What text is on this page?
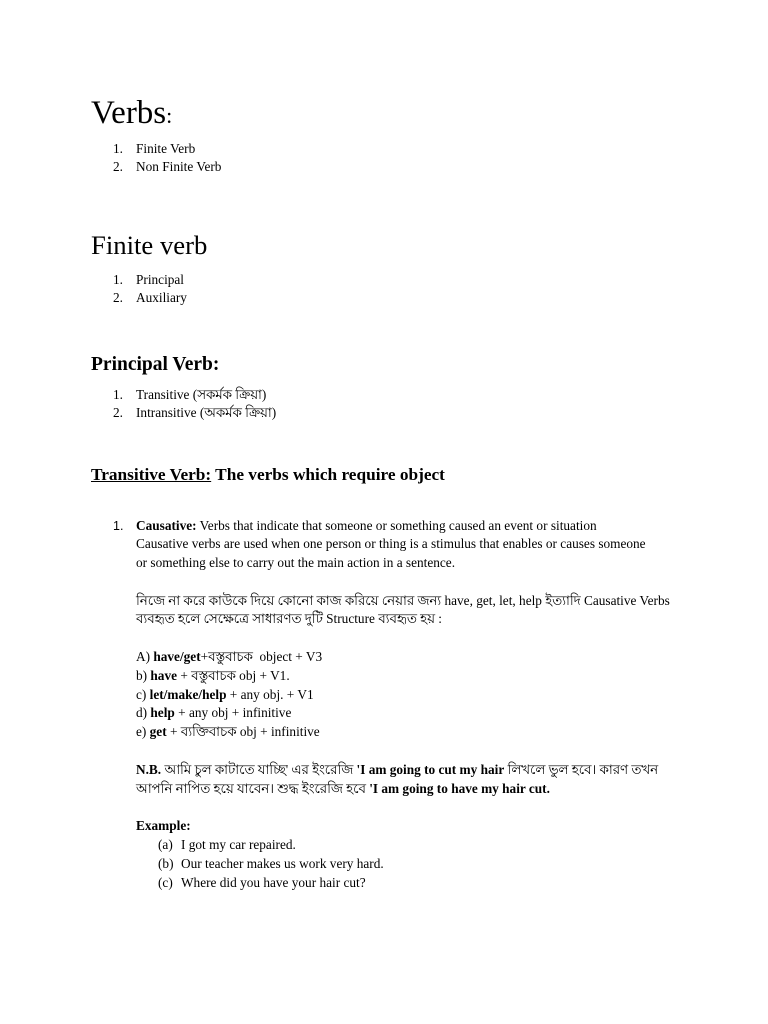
Verbs:
1. Finite Verb
2. Non Finite Verb
Finite verb
1. Principal
2. Auxiliary
Principal Verb:
1. Transitive (সকর্মক ক্রিয়া)
2. Intransitive (অকর্মক ক্রিয়া)
Transitive Verb: The verbs which require object
1. Causative: Verbs that indicate that someone or something caused an event or situation
Causative verbs are used when one person or thing is a stimulus that enables or causes someone
or something else to carry out the main action in a sentence.
নিজে না করে কাউকে দিয়ে কোনো কাজ করিয়ে নেয়ার জন্য have, get, let, help ইত্যাদি Causative Verbs
ব্যবহৃত হলে সেক্ষেত্রে সাধারণত দুটি Structure ব্যবহৃত হয় :
A) have/get+বস্তুবাচক  object + V3
b) have + বস্তুবাচক obj + V1.
c) let/make/help + any obj. + V1
d) help + any obj + infinitive
e) get + ব্যক্তিবাচক obj + infinitive
N.B. আমি চুল কাটাতে যাচ্ছি' এর ইংরেজি 'I am going to cut my hair লিখলে ভুল হবে। কারণ তখন
আপনি নাপিত হয়ে যাবেন। শুদ্ধ ইংরেজি হবে 'I am going to have my hair cut.
Example:
(a) I got my car repaired.
(b) Our teacher makes us work very hard.
(c) Where did you have your hair cut?
